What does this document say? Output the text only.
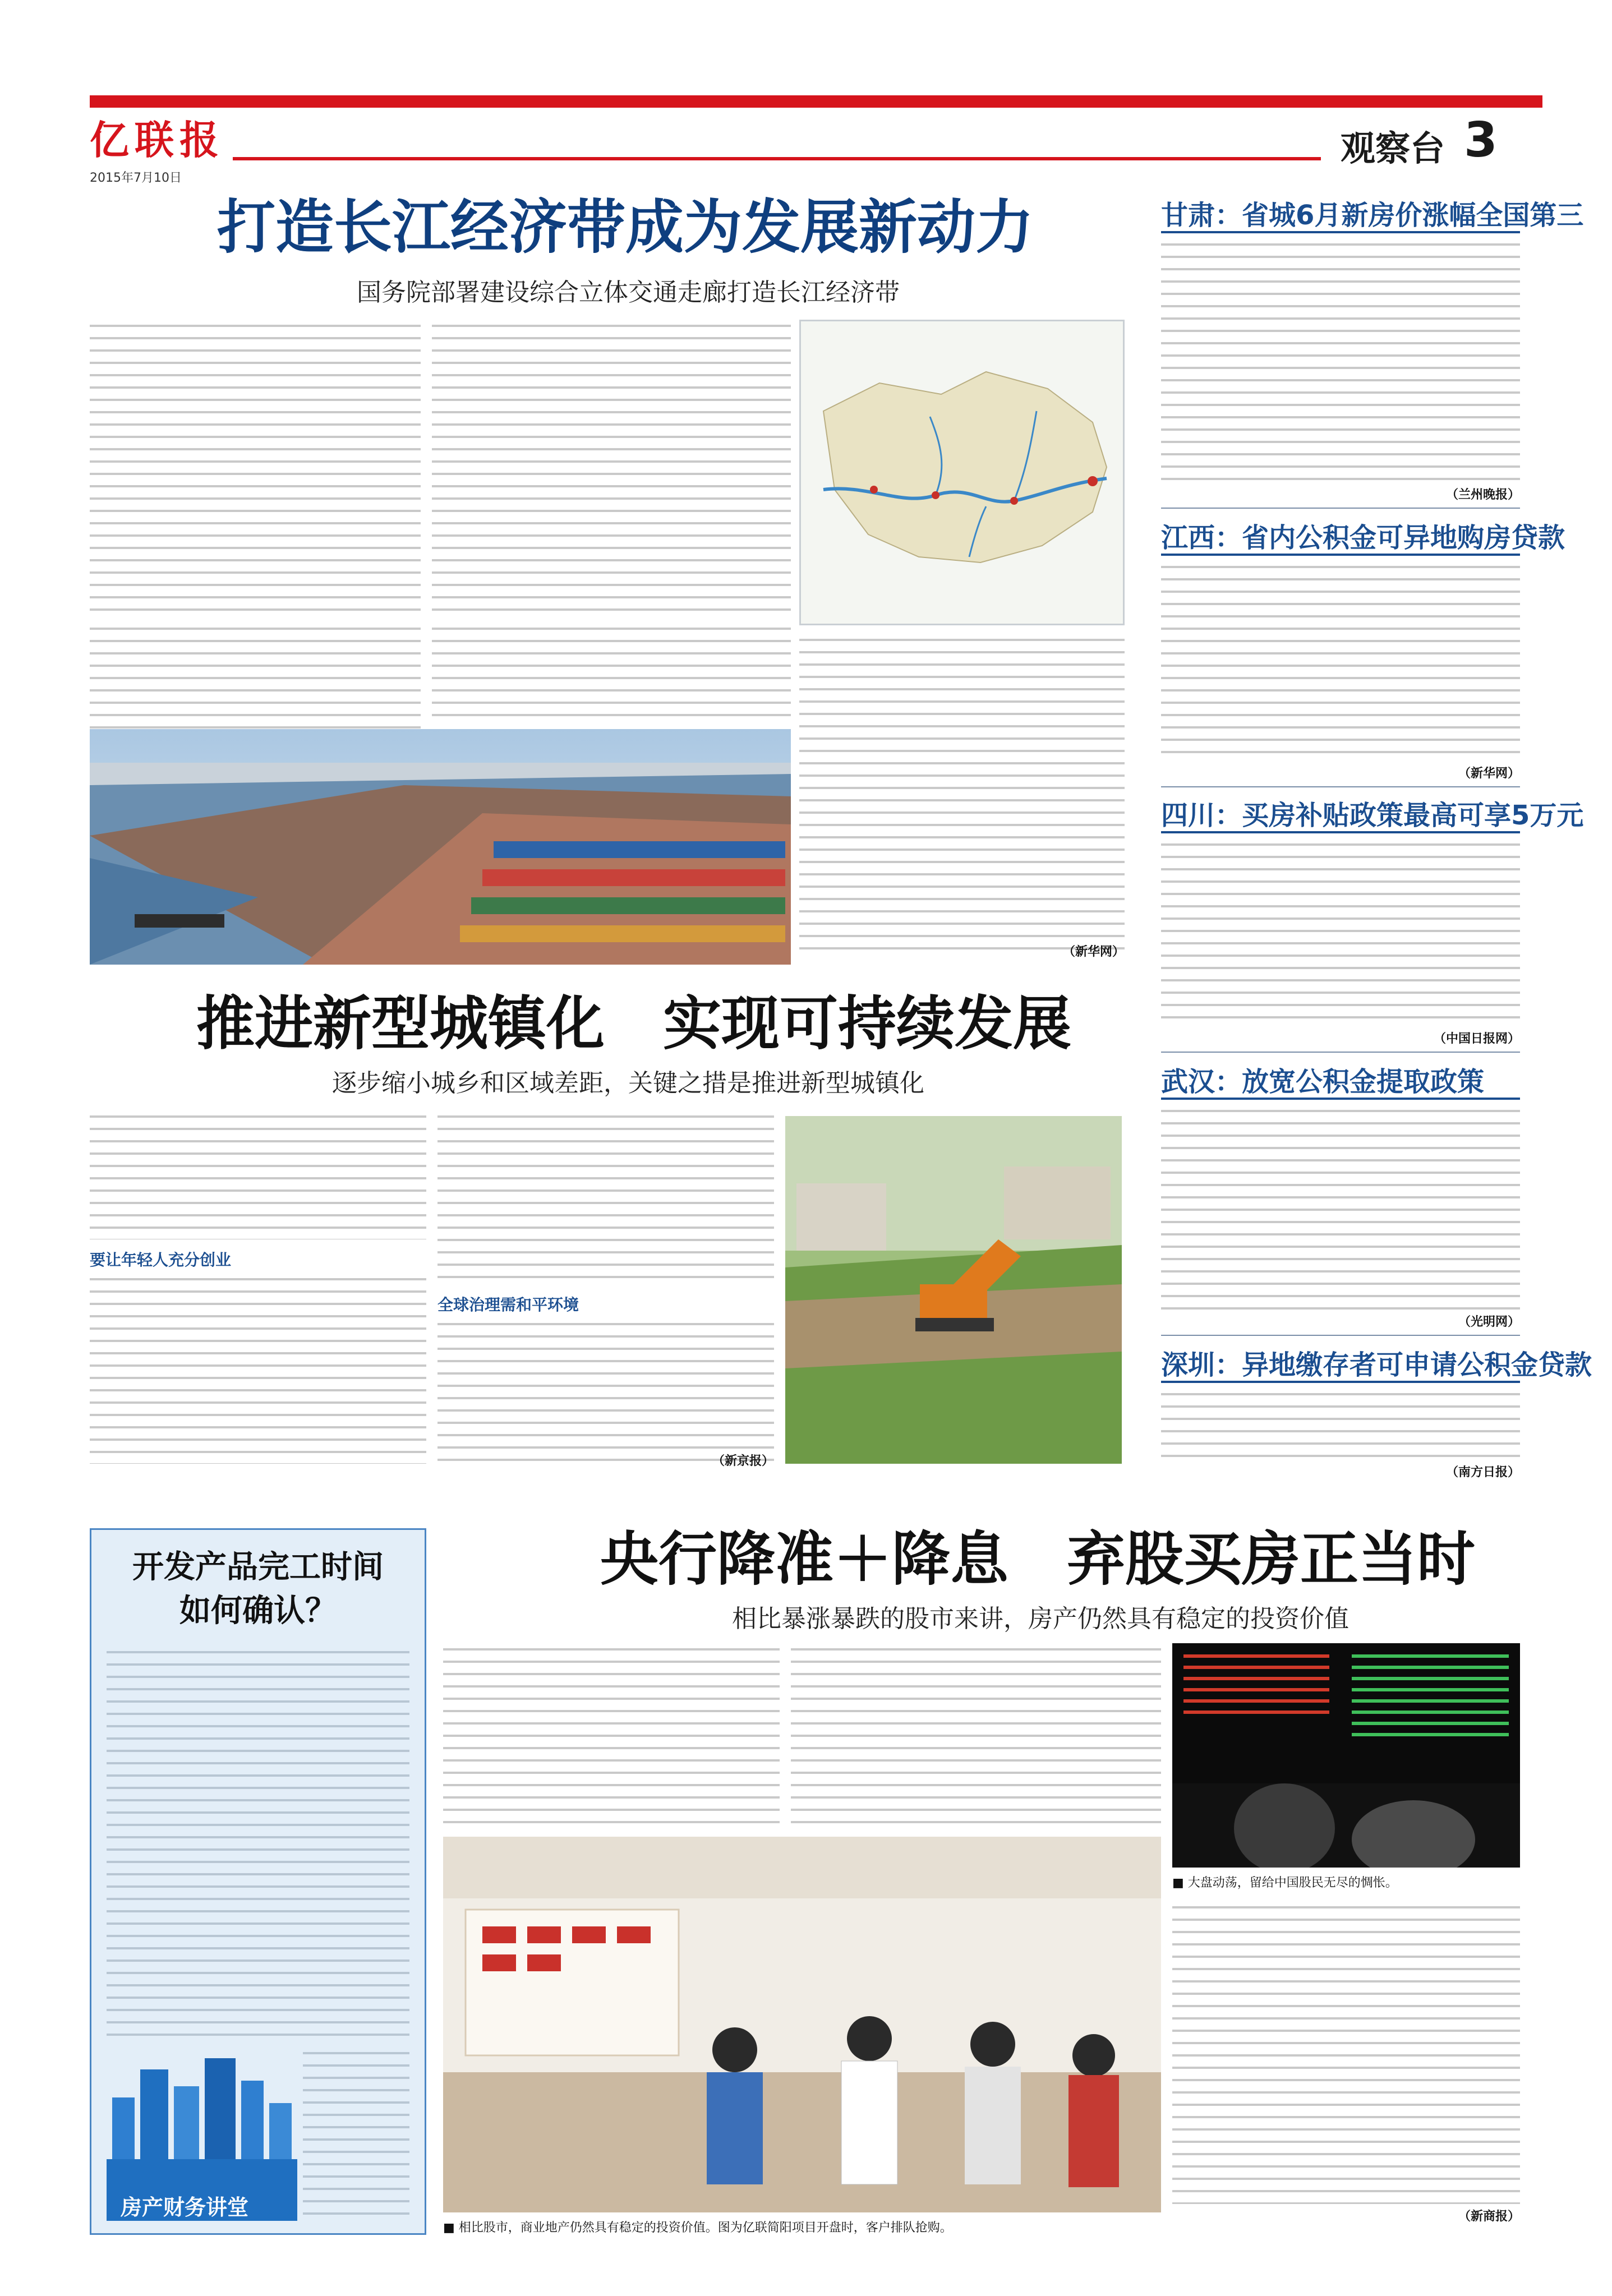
亿联报
2015年7月10日
观察台 3
打造长江经济带成为发展新动力
国务院部署建设综合立体交通走廊打造长江经济带
（新华网）
推进新型城镇化　实现可持续发展
逐步缩小城乡和区域差距，关键之措是推进新型城镇化
要让年轻人充分创业
全球治理需和平环境
（新京报）
甘肃：省城6月新房价涨幅全国第三
（兰州晚报）
江西：省内公积金可异地购房贷款
（新华网）
四川：买房补贴政策最高可享5万元
（中国日报网）
武汉：放宽公积金提取政策
（光明网）
深圳：异地缴存者可申请公积金贷款
（南方日报）
开发产品完工时间
如何确认？
房产财务讲堂
央行降准＋降息　弃股买房正当时
相比暴涨暴跌的股市来讲，房产仍然具有稳定的投资价值
（新商报）
■ 大盘动荡，留给中国股民无尽的惆怅。
■ 相比股市，商业地产仍然具有稳定的投资价值。图为亿联简阳项目开盘时，客户排队抢购。
